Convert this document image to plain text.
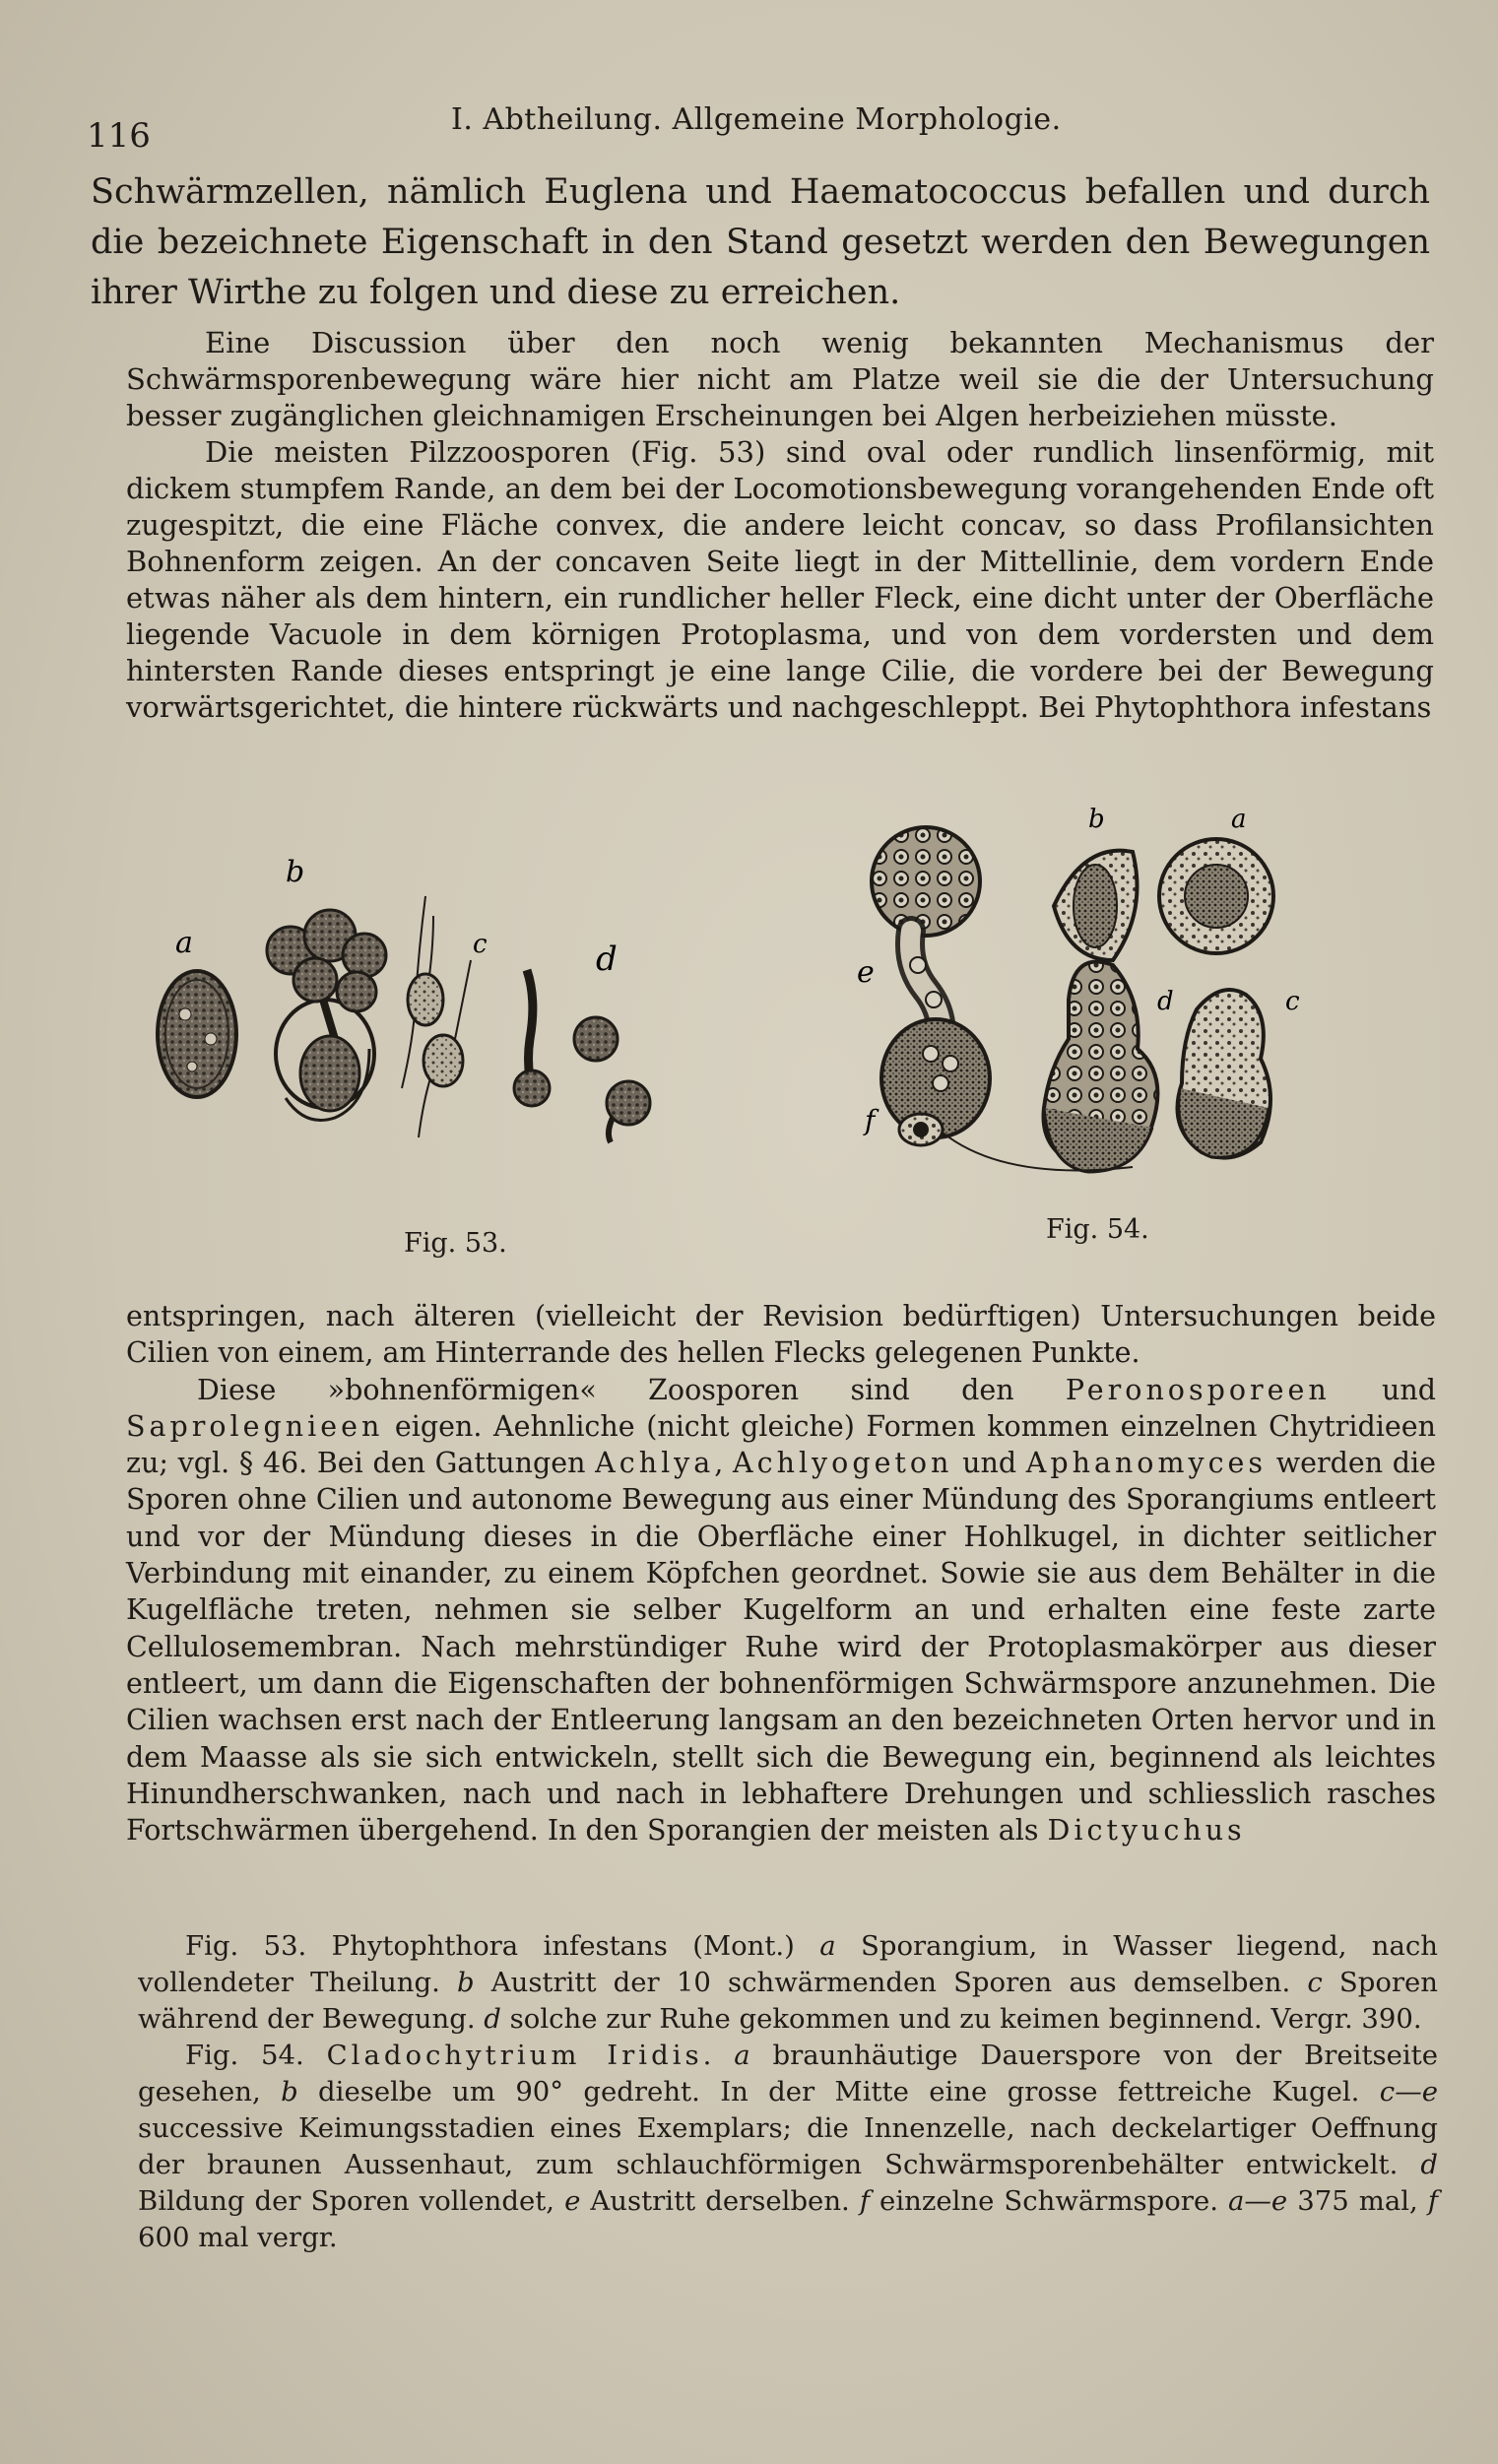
116	I. Abtheilung. Allgemeine Morphologie.
Schwärmzellen, nämlich Euglena und Haematococcus befallen und durch die bezeichnete Eigenschaft in den Stand gesetzt werden den Bewegungen ihrer Wirthe zu folgen und diese zu erreichen.

Eine Discussion über den noch wenig bekannten Mechanismus der Schwärmsporenbewegung wäre hier nicht am Platze weil sie die der Untersuchung besser zugänglichen gleichnamigen Erscheinungen bei Algen herbeiziehen müsste.

Die meisten Pilzzoosporen (Fig. 53) sind oval oder rundlich linsenförmig, mit dickem stumpfem Rande, an dem bei der Locomotionsbewegung vorangehenden Ende oft zugespitzt, die eine Fläche convex, die andere leicht concav, so dass Profilansichten Bohnenform zeigen. An der concaven Seite liegt in der Mittellinie, dem vordern Ende etwas näher als dem hintern, ein rundlicher heller Fleck, eine dicht unter der Oberfläche liegende Vacuole in dem körnigen Protoplasma, und von dem vordersten und dem hintersten Rande dieses entspringt je eine lange Cilie, die vordere bei der Bewegung vorwärtsgerichtet, die hintere rückwärts und nachgeschleppt. Bei Phytophthora infestans

a
b
c	d
Fig. 53.
e
b	a
d	c
f
Fig. 54.

entspringen, nach älteren (vielleicht der Revision bedürftigen) Untersuchungen beide Cilien von einem, am Hinterrande des hellen Flecks gelegenen Punkte.

Diese »bohnenförmigen« Zoosporen sind den Peronosporeen und Saprolegnieen eigen. Aehnliche (nicht gleiche) Formen kommen einzelnen Chytridieen zu; vgl. § 46. Bei den Gattungen Achlya, Achlyogeton und Aphanomyces werden die Sporen ohne Cilien und autonome Bewegung aus einer Mündung des Sporangiums entleert und vor der Mündung dieses in die Oberfläche einer Hohlkugel, in dichter seitlicher Verbindung mit einander, zu einem Köpfchen geordnet. Sowie sie aus dem Behälter in die Kugelfläche treten, nehmen sie selber Kugelform an und erhalten eine feste zarte Cellulosemembran. Nach mehrstündiger Ruhe wird der Protoplasmakörper aus dieser entleert, um dann die Eigenschaften der bohnenförmigen Schwärmspore anzunehmen. Die Cilien wachsen erst nach der Entleerung langsam an den bezeichneten Orten hervor und in dem Maasse als sie sich entwickeln, stellt sich die Bewegung ein, beginnend als leichtes Hinundherschwanken, nach und nach in lebhaftere Drehungen und schliesslich rasches Fortschwärmen übergehend. In den Sporangien der meisten als Dictyuchus

Fig. 53. Phytophthora infestans (Mont.) a Sporangium, in Wasser liegend, nach vollendeter Theilung. b Austritt der 10 schwärmenden Sporen aus demselben. c Sporen während der Bewegung. d solche zur Ruhe gekommen und zu keimen beginnend. Vergr. 390.

Fig. 54. Cladochytrium Iridis. a braunhäutige Dauerspore von der Breitseite gesehen, b dieselbe um 90° gedreht. In der Mitte eine grosse fettreiche Kugel. c—e successive Keimungsstadien eines Exemplars; die Innenzelle, nach deckelartiger Oeffnung der braunen Aussenhaut, zum schlauchförmigen Schwärmsporenbehälter entwickelt. d Bildung der Sporen vollendet, e Austritt derselben. f einzelne Schwärmspore. a—e 375 mal, f 600 mal vergr.
